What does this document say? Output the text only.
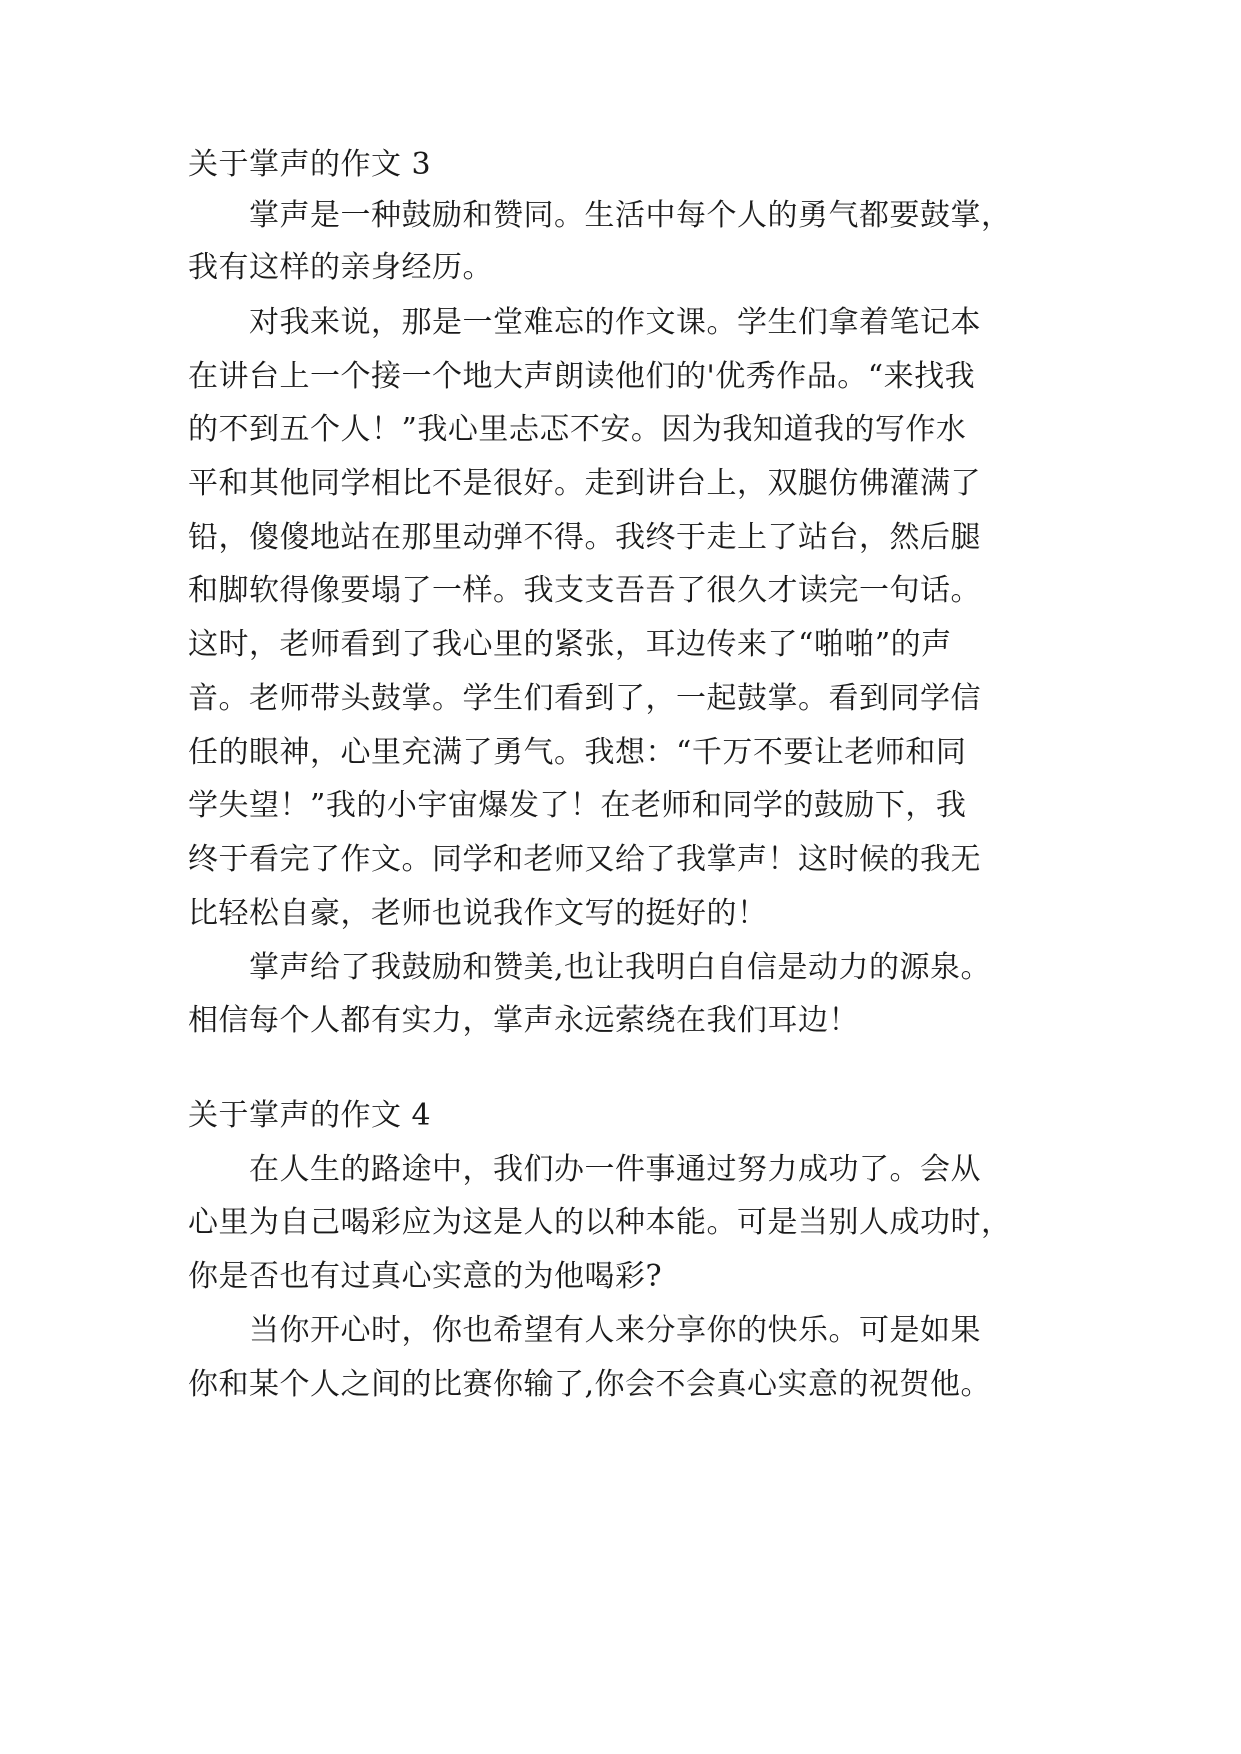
关于掌声的作文 3
　　掌声是一种鼓励和赞同。生活中每个人的勇气都要鼓掌，
我有这样的亲身经历。
　　对我来说，那是一堂难忘的作文课。学生们拿着笔记本
在讲台上一个接一个地大声朗读他们的'优秀作品。“来找我
的不到五个人！”我心里忐忑不安。因为我知道我的写作水
平和其他同学相比不是很好。走到讲台上，双腿仿佛灌满了
铅，傻傻地站在那里动弹不得。我终于走上了站台，然后腿
和脚软得像要塌了一样。我支支吾吾了很久才读完一句话。
这时，老师看到了我心里的紧张，耳边传来了“啪啪”的声
音。老师带头鼓掌。学生们看到了，一起鼓掌。看到同学信
任的眼神，心里充满了勇气。我想：“千万不要让老师和同
学失望！”我的小宇宙爆发了！在老师和同学的鼓励下，我
终于看完了作文。同学和老师又给了我掌声！这时候的我无
比轻松自豪，老师也说我作文写的挺好的！
　　掌声给了我鼓励和赞美,也让我明白自信是动力的源泉。
相信每个人都有实力，掌声永远萦绕在我们耳边！
关于掌声的作文 4
　　在人生的路途中，我们办一件事通过努力成功了。会从
心里为自己喝彩应为这是人的以种本能。可是当别人成功时，
你是否也有过真心实意的为他喝彩?
　　当你开心时，你也希望有人来分享你的快乐。可是如果
你和某个人之间的比赛你输了,你会不会真心实意的祝贺他。
